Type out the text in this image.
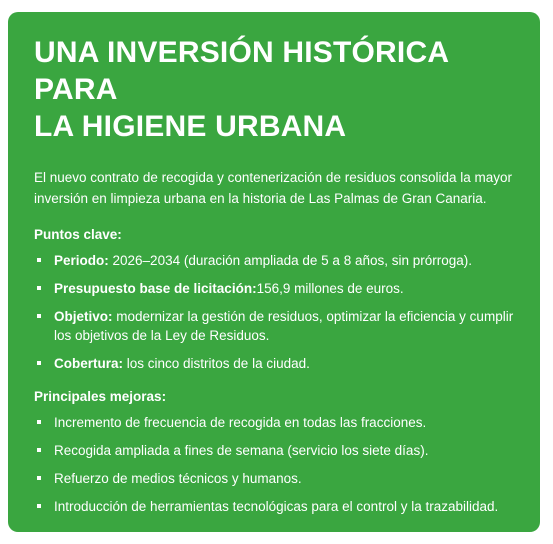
UNA INVERSIÓN HISTÓRICA PARA
LA HIGIENE URBANA

El nuevo contrato de recogida y contenerización de residuos consolida la mayor inversión en limpieza urbana en la historia de Las Palmas de Gran Canaria.

Puntos clave:
Periodo: 2026–2034 (duración ampliada de 5 a 8 años, sin prórroga).
Presupuesto base de licitación:156,9 millones de euros.
Objetivo: modernizar la gestión de residuos, optimizar la eficiencia y cumplir los objetivos de la Ley de Residuos.
Cobertura: los cinco distritos de la ciudad.
Principales mejoras:
Incremento de frecuencia de recogida en todas las fracciones.
Recogida ampliada a fines de semana (servicio los siete días).
Refuerzo de medios técnicos y humanos.
Introducción de herramientas tecnológicas para el control y la trazabilidad.
